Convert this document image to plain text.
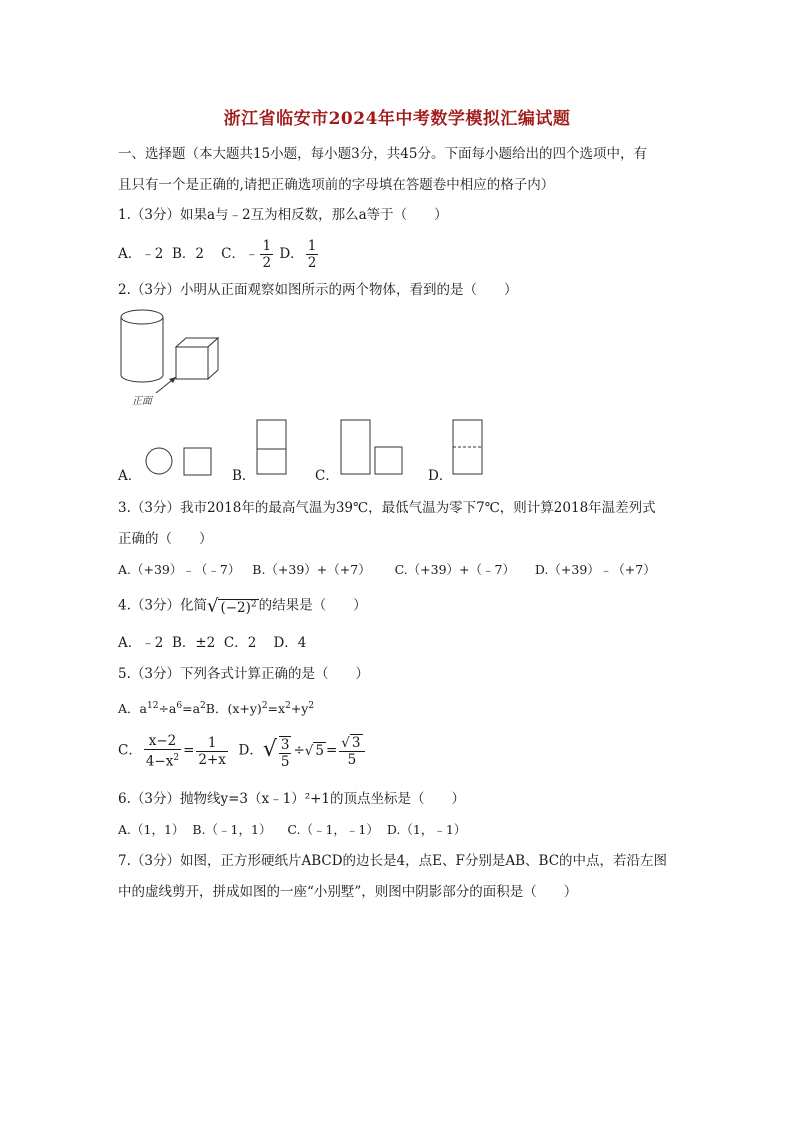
浙江省临安市2024年中考数学模拟汇编试题
一、选择题（本大题共15小题，每小题3分，共45分。下面每小题给出的四个选项中，有
且只有一个是正确的,请把正确选项前的字母填在答题卷中相应的格子内）
1.（3分）如果a与﹣2互为相反数，那么a等于（　　）
A．﹣2 B．2 C．﹣ $\frac{1}{2}$ D． $\frac{1}{2}$
2.（3分）小明从正面观察如图所示的两个物体，看到的是（　　）
正面
A．	B．	C．	D．
3.（3分）我市2018年的最高气温为39℃，最低气温为零下7℃，则计算2018年温差列式
正确的（　　）
A.（+39）﹣（﹣7） B.（+39）+（+7） C.（+39）+（﹣7） D.（+39）﹣（+7）
4.（3分）化简√ $(-2)^2$ 的结果是（　　）
A．﹣2 B．±2 C．2 D．4
5.（3分）下列各式计算正确的是（　　）
A．$a^{12}\div a^6=a^2B$．$(x+y)^2=x^2+y^2$
C． $\frac{x-2}{4-x^2} = \frac{1}{2+x}$ D．√ $\frac{3}{5}$ ÷√ $5 = \frac{√ 3}{5}$
6.（3分）抛物线y=3（x﹣1）²+1的顶点坐标是（　　）
A.（1，1） B.（﹣1，1） C.（﹣1，﹣1） D.（1，﹣1）
7.（3分）如图，正方形硬纸片ABCD的边长是4，点E、F分别是AB、BC的中点，若沿左图
中的虚线剪开，拼成如图的一座“小别墅”，则图中阴影部分的面积是（　　）
